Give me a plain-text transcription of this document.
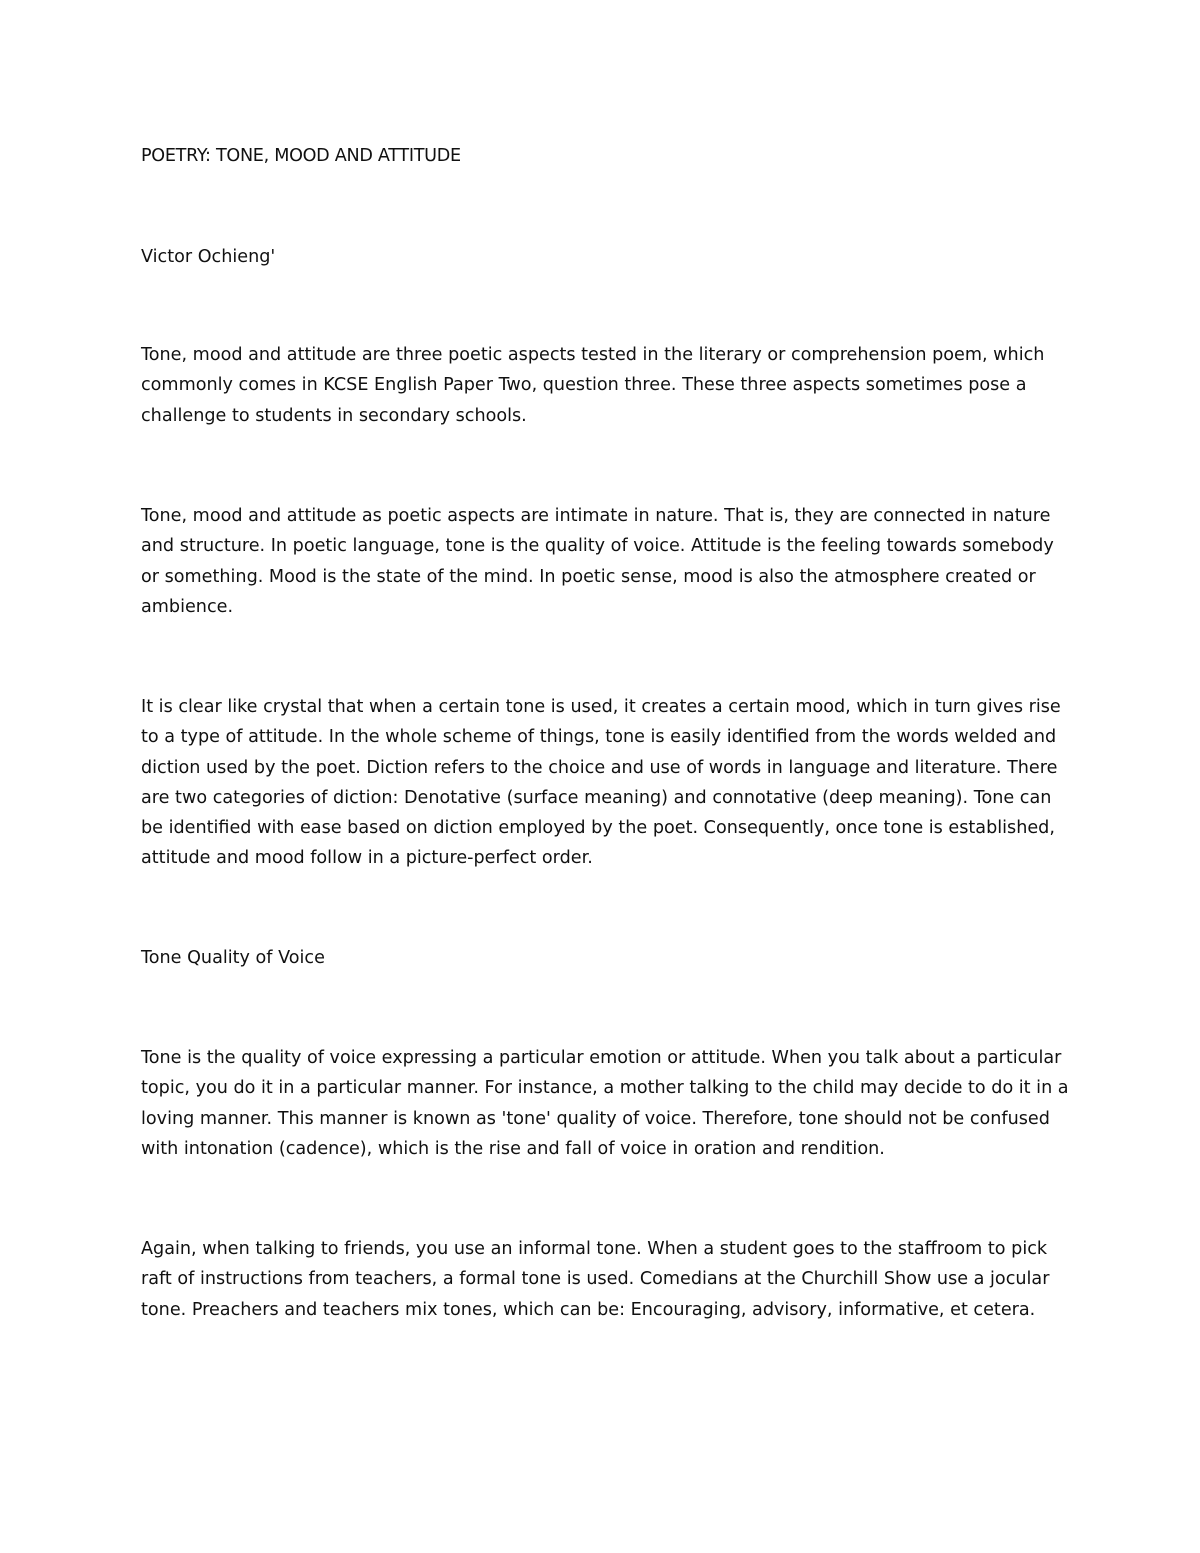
POETRY: TONE, MOOD AND ATTITUDE
Victor Ochieng'
Tone, mood and attitude are three poetic aspects tested in the literary or comprehension poem, which
commonly comes in KCSE English Paper Two, question three. These three aspects sometimes pose a
challenge to students in secondary schools.
Tone, mood and attitude as poetic aspects are intimate in nature. That is, they are connected in nature
and structure. In poetic language, tone is the quality of voice. Attitude is the feeling towards somebody
or something. Mood is the state of the mind. In poetic sense, mood is also the atmosphere created or
ambience.
It is clear like crystal that when a certain tone is used, it creates a certain mood, which in turn gives rise
to a type of attitude. In the whole scheme of things, tone is easily identified from the words welded and
diction used by the poet. Diction refers to the choice and use of words in language and literature. There
are two categories of diction: Denotative (surface meaning) and connotative (deep meaning). Tone can
be identified with ease based on diction employed by the poet. Consequently, once tone is established,
attitude and mood follow in a picture-perfect order.
Tone Quality of Voice
Tone is the quality of voice expressing a particular emotion or attitude. When you talk about a particular
topic, you do it in a particular manner. For instance, a mother talking to the child may decide to do it in a
loving manner. This manner is known as 'tone' quality of voice. Therefore, tone should not be confused
with intonation (cadence), which is the rise and fall of voice in oration and rendition.
Again, when talking to friends, you use an informal tone. When a student goes to the staffroom to pick
raft of instructions from teachers, a formal tone is used. Comedians at the Churchill Show use a jocular
tone. Preachers and teachers mix tones, which can be: Encouraging, advisory, informative, et cetera.
